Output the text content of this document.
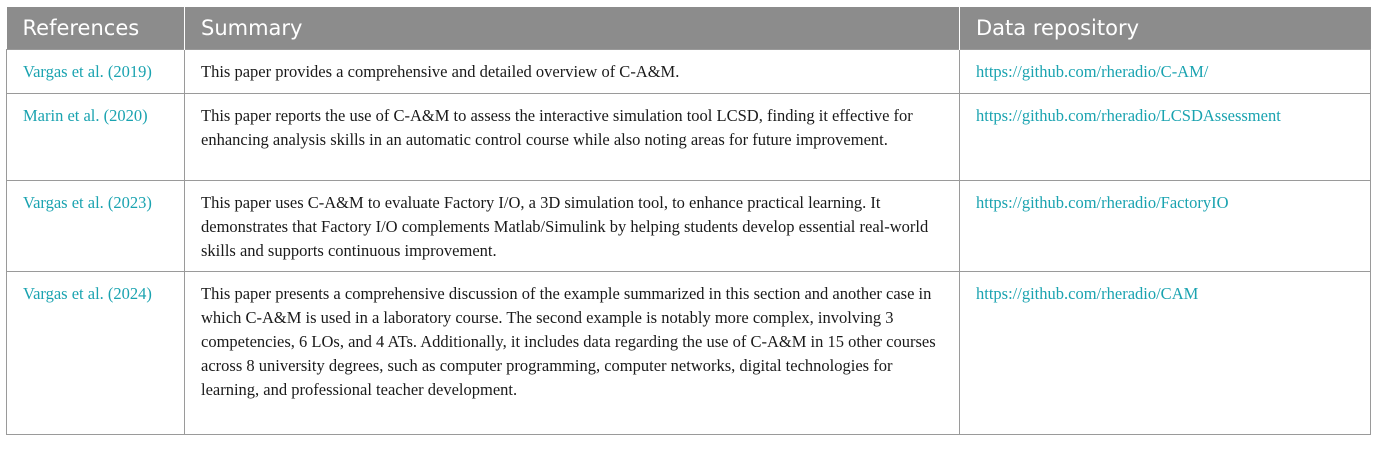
References	Summary	Data repository
Vargas et al. (2019)	This paper provides a comprehensive and detailed overview of C-A&M.	https://github.com/rheradio/C-AM/
Marin et al. (2020)	This paper reports the use of C-A&M to assess the interactive simulation tool LCSD, finding it effective for enhancing analysis skills in an automatic control course while also noting areas for future improvement.	https://github.com/rheradio/LCSDAssessment
Vargas et al. (2023)	This paper uses C-A&M to evaluate Factory I/O, a 3D simulation tool, to enhance practical learning. It demonstrates that Factory I/O complements Matlab/Simulink by helping students develop essential real-world skills and supports continuous improvement.	https://github.com/rheradio/FactoryIO
Vargas et al. (2024)	This paper presents a comprehensive discussion of the example summarized in this section and another case in which C-A&M is used in a laboratory course. The second example is notably more complex, involving 3 competencies, 6 LOs, and 4 ATs. Additionally, it includes data regarding the use of C-A&M in 15 other courses across 8 university degrees, such as computer programming, computer networks, digital technologies for learning, and professional teacher development.	https://github.com/rheradio/CAM
